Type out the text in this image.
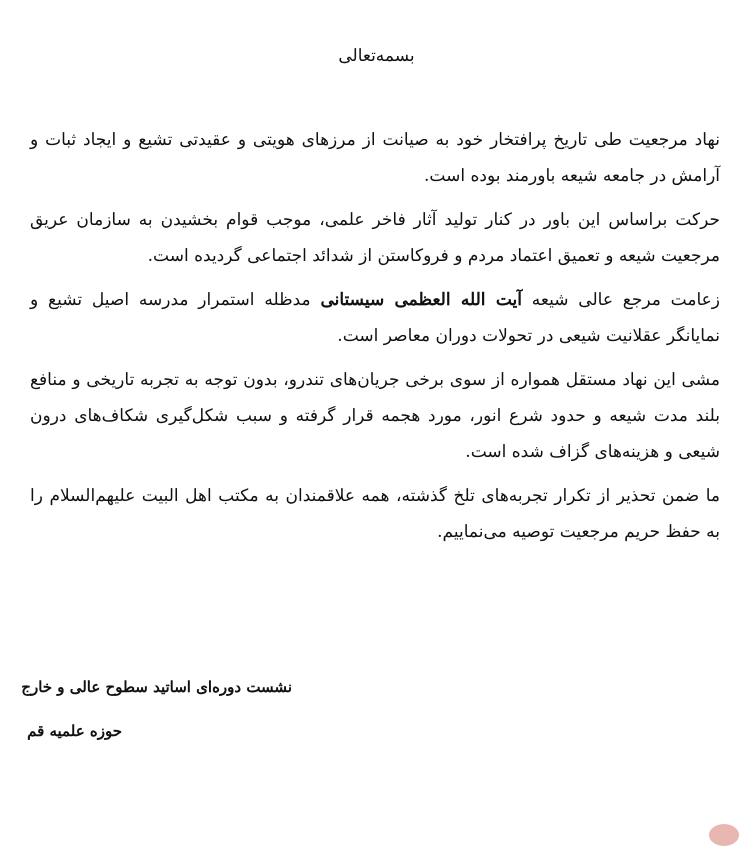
بسمه‌تعالی

نهاد مرجعیت طی تاریخ پرافتخار خود به صیانت از مرزهای هویتی و عقیدتی تشیع و ایجاد ثبات و آرامش در جامعه شیعه باورمند بوده است.

حرکت براساس این باور در کنار تولید آثار فاخر علمی، موجب قوام بخشیدن به سازمان عریق مرجعیت شیعه و تعمیق اعتماد مردم و فروکاستن از شدائد اجتماعی گردیده است.

زعامت مرجع عالی شیعه آیت الله العظمی سیستانی مدظله استمرار مدرسه اصیل تشیع و نمایانگر عقلانیت شیعی در تحولات دوران معاصر است.

مشی این نهاد مستقل همواره از سوی برخی جریان‌های تندرو، بدون توجه به تجربه تاریخی و منافع بلند مدت شیعه و حدود شرع انور، مورد هجمه قرار گرفته و سبب شکل‌گیری شکاف‌های درون شیعی و هزینه‌های گزاف شده است.

ما ضمن تحذیر از تکرار تجربه‌های تلخ گذشته، همه علاقمندان به مکتب اهل البیت علیهم‌السلام را به حفظ حریم مرجعیت توصیه می‌نماییم.

نشست دوره‌ای اساتید سطوح عالی و خارج
حوزه علمیه قم
